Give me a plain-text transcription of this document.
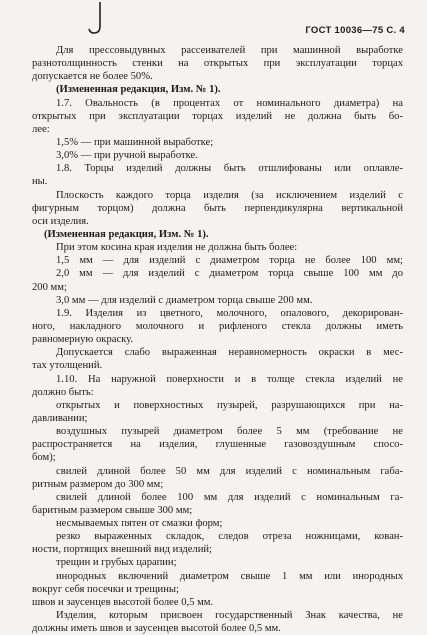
ГОСТ 10036—75 С. 4
Для прессовыдувных рассеивателей при машинной выработке
разнотолщинность стенки на открытых при эксплуатации торцах
допускается не более 50%.
(Измененная редакция, Изм. № 1).
1.7. Овальность (в процентах от номинального диаметра) на
открытых при эксплуатации торцах изделий не должна быть бо-
лее:
1,5% — при машинной выработке;
3,0% — при ручной выработке.
1.8. Торцы изделий должны быть отшлифованы или оплавле-
ны.
Плоскость каждого торца изделия (за исключением изделий с
фигурным торцом) должна быть перпендикулярна вертикальной
оси изделия.
(Измененная редакция, Изм. № 1).
При этом косина края изделия не должна быть более:
1,5 мм — для изделий с диаметром торца не более 100 мм;
2,0 мм — для изделий с диаметром торца свыше 100 мм до
200 мм;
3,0 мм — для изделий с диаметром торца свыше 200 мм.
1.9. Изделия из цветного, молочного, опалового, декорирован-
ного, накладного молочного и рифленого стекла должны иметь
равномерную окраску.
Допускается слабо выраженная неравномерность окраски в мес-
тах утолщений.
1.10. На наружной поверхности и в толще стекла изделий не
должно быть:
открытых и поверхностных пузырей, разрушающихся при на-
давливании;
воздушных пузырей диаметром более 5 мм (требование не
распространяется на изделия, глушенные газовоздушным спосо-
бом);
свилей длиной более 50 мм для изделий с номинальным габа-
ритным размером до 300 мм;
свилей длиной более 100 мм для изделий с номинальным га-
баритным размером свыше 300 мм;
несмываемых пятен от смазки форм;
резко выраженных складок, следов отреза ножницами, кован-
ности, портящих внешний вид изделий;
трещин и грубых царапин;
инородных включений диаметром свыше 1 мм или инородных
вокруг себя посечки и трещины;
швов и заусенцев высотой более 0,5 мм.
Изделия, которым присвоен государственный Знак качества, не
должны иметь швов и заусенцев высотой более 0,5 мм.
